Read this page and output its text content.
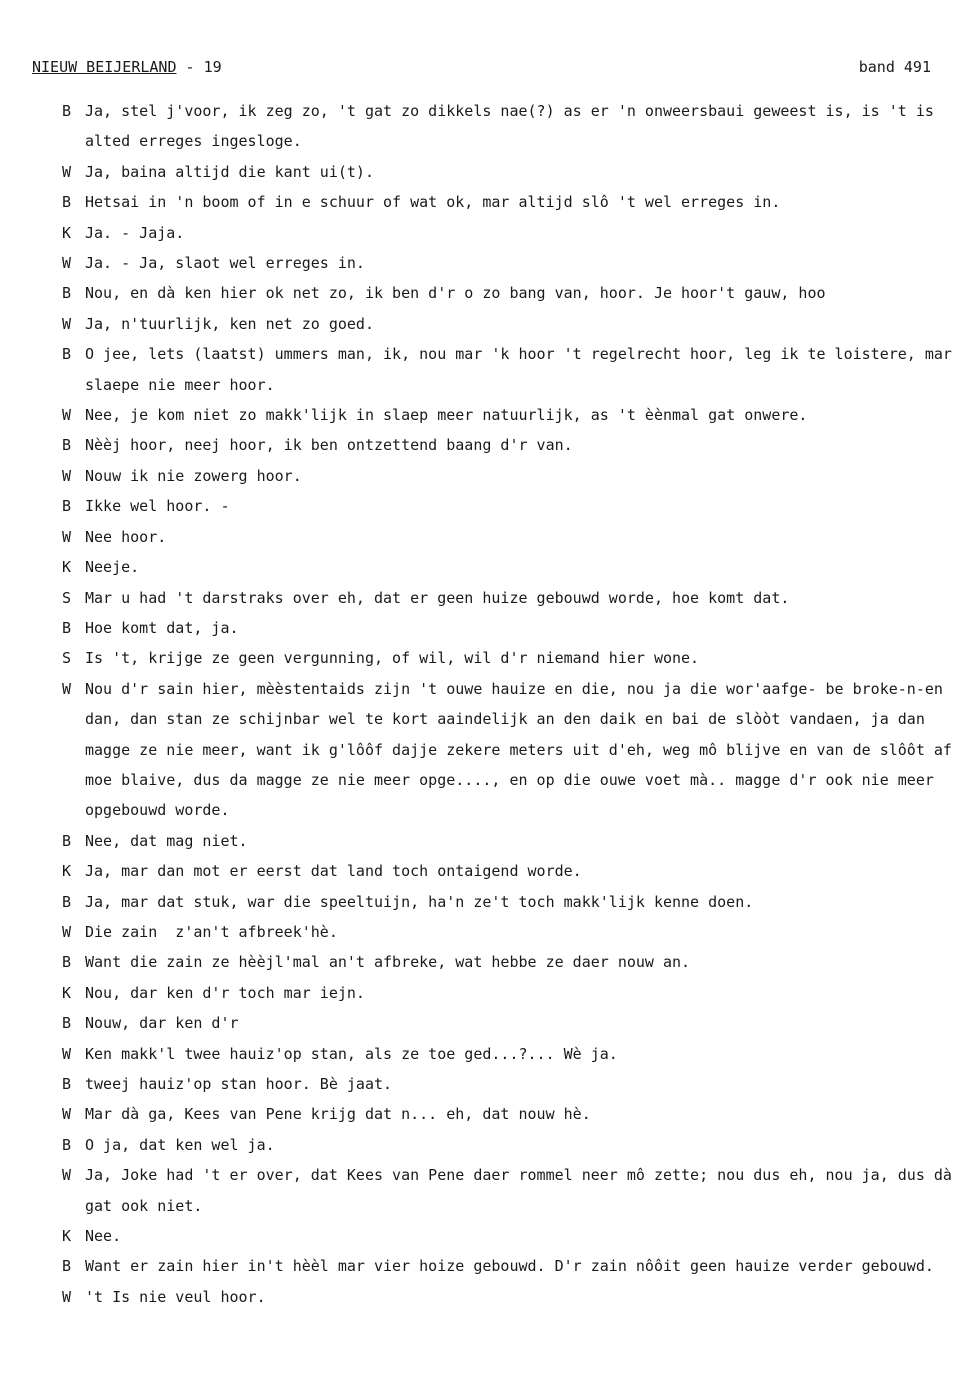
NIEUW BEIJERLAND - 19	band 491
B Ja, stel j'voor, ik zeg zo, 't gat zo dikkels nae(?) as er 'n onweersbaui geweest is, is 't is alted erreges ingesloge.
W Ja, baina altijd die kant ui(t).
B Hetsai in 'n boom of in e schuur of wat ok, mar altijd slô 't wel erreges in.
K Ja. - Jaja.
W Ja. - Ja, slaot wel erreges in.
B Nou, en dà ken hier ok net zo, ik ben d'r o zo bang van, hoor. Je hoor't gauw, hoo
W Ja, n'tuurlijk, ken net zo goed.
B O jee, lets (laatst) ummers man, ik, nou mar 'k hoor 't regelrecht hoor, leg ik te loistere, mar slaepe nie meer hoor.
W Nee, je kom niet zo makk'lijk in slaep meer natuurlijk, as 't èènmal gat onwere.
B Nèèj hoor, neej hoor, ik ben ontzettend baang d'r van.
W Nouw ik nie zowerg hoor.
B Ikke wel hoor. -
W Nee hoor.
K Neeje.
S Mar u had 't darstraks over eh, dat er geen huize gebouwd worde, hoe komt dat.
B Hoe komt dat, ja.
S Is 't, krijge ze geen vergunning, of wil, wil d'r niemand hier wone.
W Nou d'r sain hier, mèèstentaids zijn 't ouwe hauize en die, nou ja die wor'aafge- be broke-n-en dan, dan stan ze schijnbar wel te kort aaindelijk an den daik en bai de slòòt vandaen, ja dan magge ze nie meer, want ik g'lôôf dajje zekere meters uit d'eh, weg mô blijve en van de slôôt af moe blaive, dus da magge ze nie meer opge...., en op die ouwe voet mà.. magge d'r ook nie meer opgebouwd worde.
B Nee, dat mag niet.
K Ja, mar dan mot er eerst dat land toch ontaigend worde.
B Ja, mar dat stuk, war die speeltuijn, ha'n ze't toch makk'lijk kenne doen.
W Die zain  z'an't afbreek'hè.
B Want die zain ze hèèjl'mal an't afbreke, wat hebbe ze daer nouw an.
K Nou, dar ken d'r toch mar iejn.
B Nouw, dar ken d'r
W Ken makk'l twee hauiz'op stan, als ze toe ged...?... Wè ja.
B tweej hauiz'op stan hoor. Bè jaat.
W Mar dà ga, Kees van Pene krijg dat n... eh, dat nouw hè.
B O ja, dat ken wel ja.
W Ja, Joke had 't er over, dat Kees van Pene daer rommel neer mô zette; nou dus eh, nou ja, dus dà gat ook niet.
K Nee.
B Want er zain hier in't hèèl mar vier hoize gebouwd. D'r zain nôôit geen hauize verder gebouwd.
W 't Is nie veul hoor.
